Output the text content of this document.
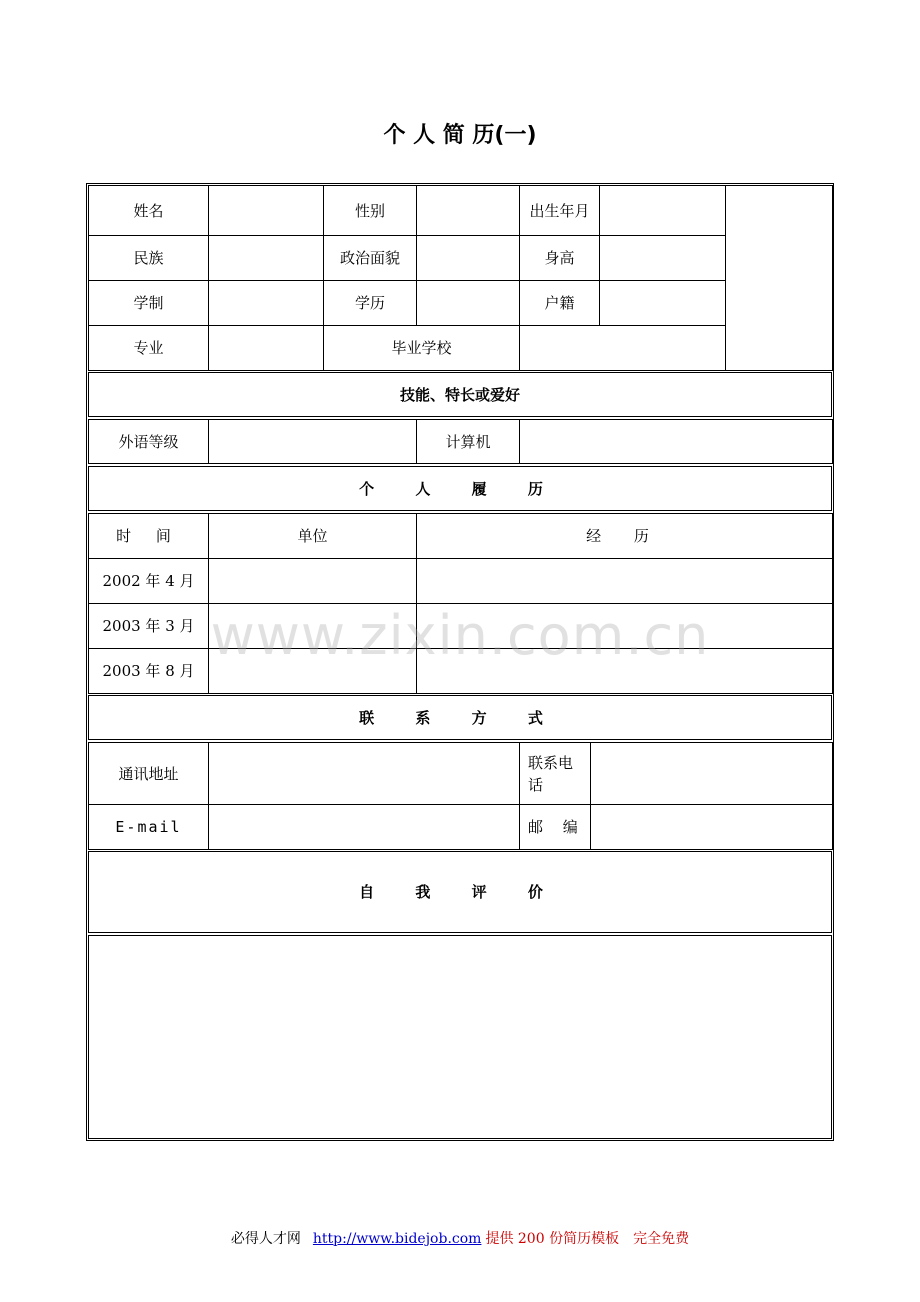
个 人 简 历(一)
姓名		性别		出生年月		
民族		政治面貌		身高		
学制		学历		户籍		
专业		毕业学校				
技能、特长或爱好
外语等级		计算机	
个 人 履 历
时 间	单位	经 历
2002 年 4 月		
2003 年 3 月		
2003 年 8 月		
联 系 方 式
通讯地址		联系电话	
E-mail		邮　 编	
自 我 评 价
www.zixin.com.cn
必得人才网 http://www.bidejob.com 提供 200 份简历模板　完全免费
